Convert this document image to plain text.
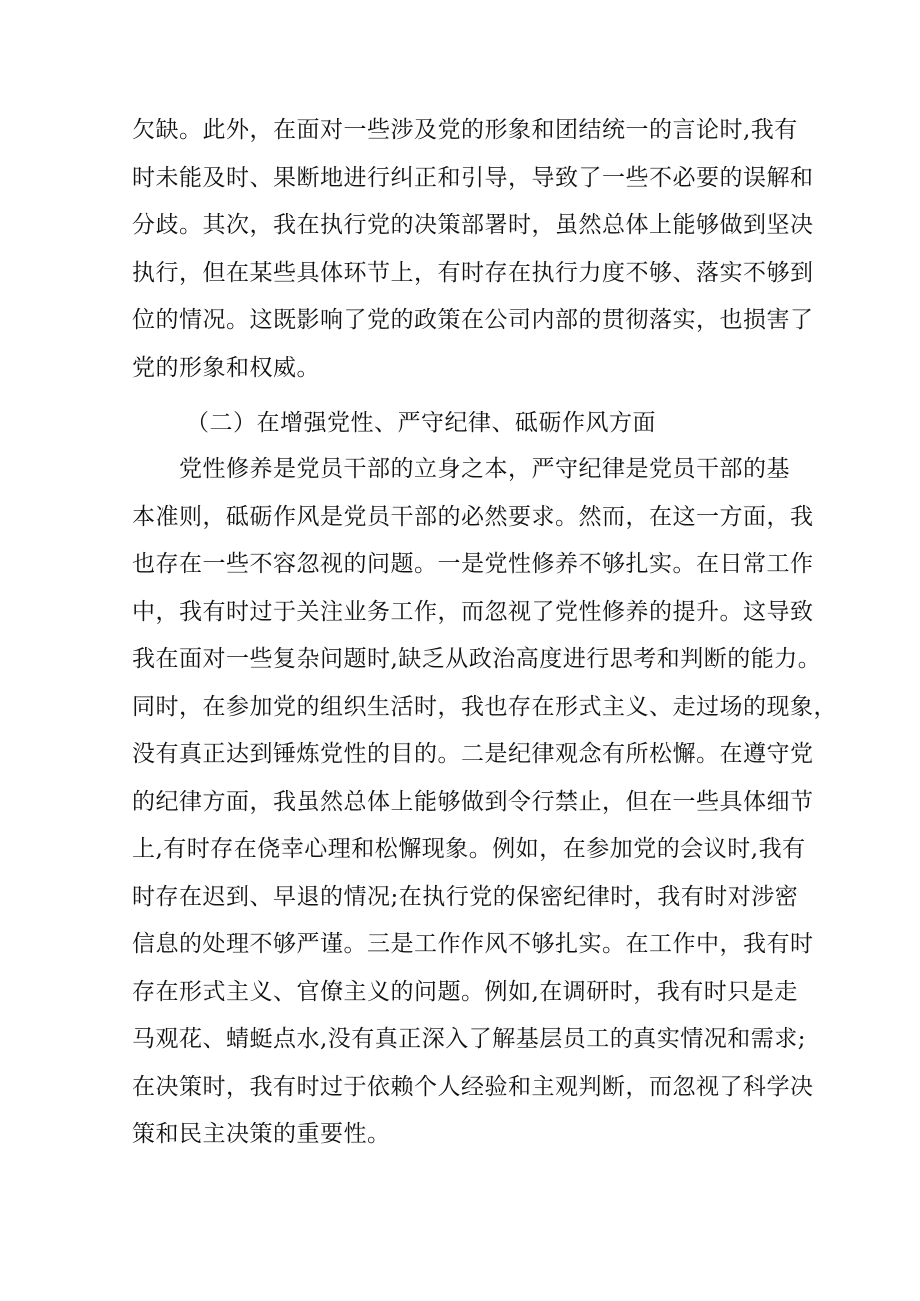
欠缺。此外，在面对一些涉及党的形象和团结统一的言论时,我有
时未能及时、果断地进行纠正和引导，导致了一些不必要的误解和
分歧。其次，我在执行党的决策部署时，虽然总体上能够做到坚决
执行，但在某些具体环节上，有时存在执行力度不够、落实不够到
位的情况。这既影响了党的政策在公司内部的贯彻落实，也损害了
党的形象和权威。
（二）在增强党性、严守纪律、砥砺作风方面
　　党性修养是党员干部的立身之本，严守纪律是党员干部的基
本准则，砥砺作风是党员干部的必然要求。然而，在这一方面，我
也存在一些不容忽视的问题。一是党性修养不够扎实。在日常工作
中，我有时过于关注业务工作，而忽视了党性修养的提升。这导致
我在面对一些复杂问题时,缺乏从政治高度进行思考和判断的能力。
同时，在参加党的组织生活时，我也存在形式主义、走过场的现象，
没有真正达到锤炼党性的目的。二是纪律观念有所松懈。在遵守党
的纪律方面，我虽然总体上能够做到令行禁止，但在一些具体细节
上,有时存在侥幸心理和松懈现象。例如，在参加党的会议时,我有
时存在迟到、早退的情况;在执行党的保密纪律时，我有时对涉密
信息的处理不够严谨。三是工作作风不够扎实。在工作中，我有时
存在形式主义、官僚主义的问题。例如,在调研时，我有时只是走
马观花、蜻蜓点水,没有真正深入了解基层员工的真实情况和需求;
在决策时，我有时过于依赖个人经验和主观判断，而忽视了科学决
策和民主决策的重要性。
